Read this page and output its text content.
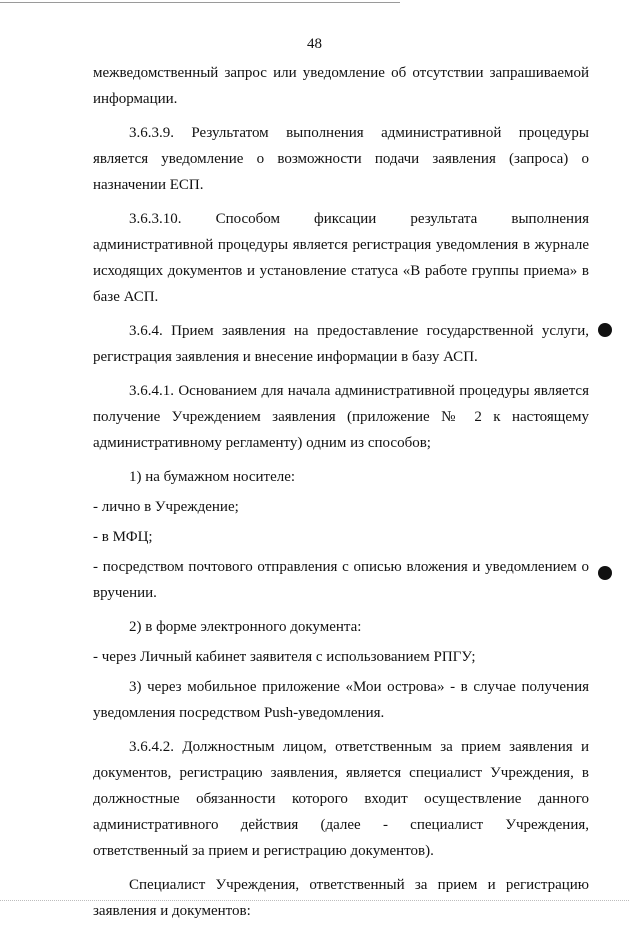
48

межведомственный запрос или уведомление об отсутствии запрашиваемой информации.

3.6.3.9. Результатом выполнения административной процедуры является уведомление о возможности подачи заявления (запроса) о назначении ЕСП.

3.6.3.10. Способом фиксации результата выполнения административной процедуры является регистрация уведомления в журнале исходящих документов и установление статуса «В работе группы приема» в базе АСП.

3.6.4. Прием заявления на предоставление государственной услуги, регистрация заявления и внесение информации в базу АСП.

3.6.4.1. Основанием для начала административной процедуры является получение Учреждением заявления (приложение № 2 к настоящему административному регламенту) одним из способов;

1) на бумажном носителе:

- лично в Учреждение;

- в МФЦ;

- посредством почтового отправления с описью вложения и уведомлением о вручении.

2) в форме электронного документа:

- через Личный кабинет заявителя с использованием РПГУ;

3) через мобильное приложение «Мои острова» - в случае получения уведомления посредством Push-уведомления.

3.6.4.2. Должностным лицом, ответственным за прием заявления и документов, регистрацию заявления, является специалист Учреждения, в должностные обязанности которого входит осуществление данного административного действия (далее - специалист Учреждения, ответственный за прием и регистрацию документов).

Специалист Учреждения, ответственный за прием и регистрацию заявления и документов:
